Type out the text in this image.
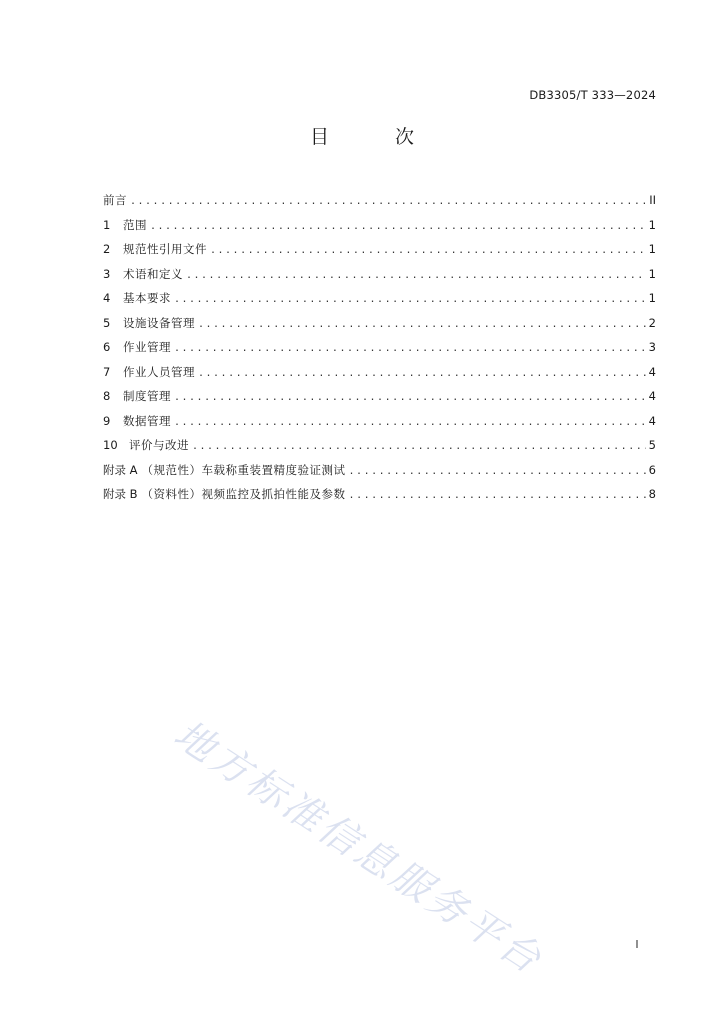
DB3305/T 333—2024
目 次
前言 .....	II
1	范围 .....	1
2	规范性引用文件 .....	1
3	术语和定义 .....	1
4	基本要求 .....	1
5	设施设备管理 .....	2
6	作业管理 .....	3
7	作业人员管理 .....	4
8	制度管理 .....	4
9	数据管理 .....	4
10 评价与改进 .....	5
附录 A （规范性）车载称重装置精度验证测试 .....	6
附录 B （资料性）视频监控及抓拍性能及参数 .....	8
地方标准信息服务平台	I
